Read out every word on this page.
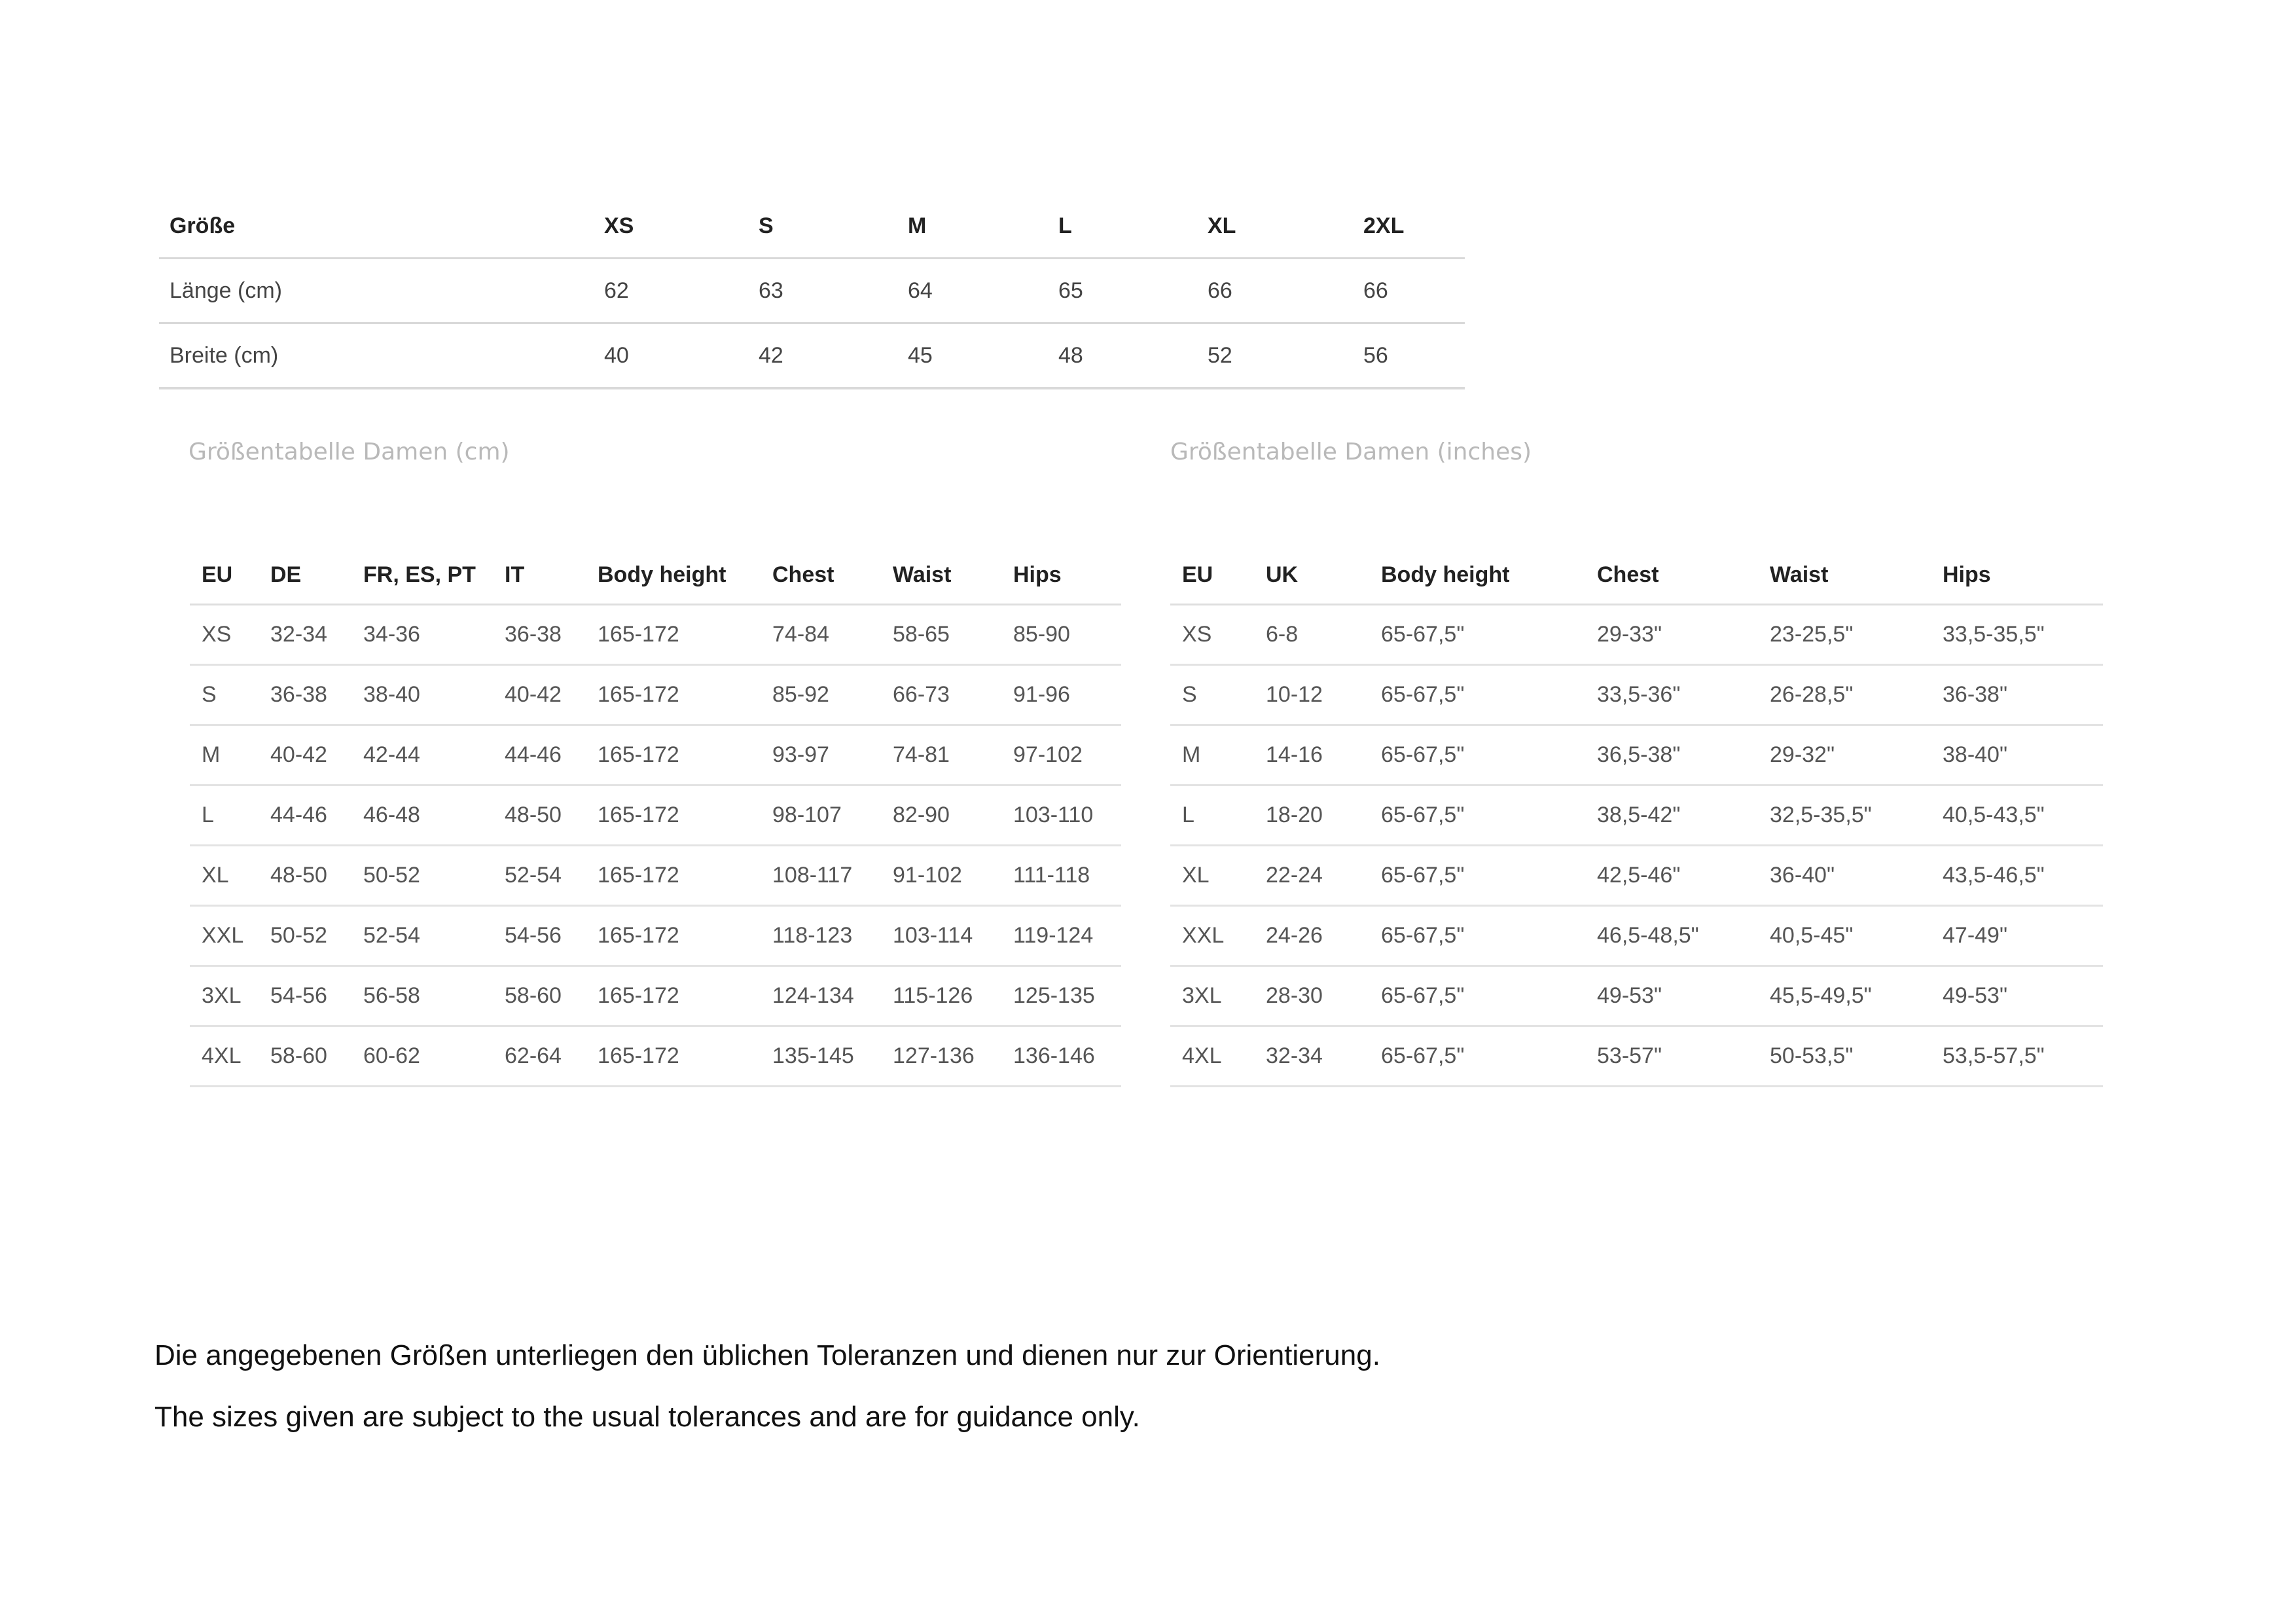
Größe	XS	S	M	L	XL	2XL
Länge (cm)	62	63	64	65	66	66
Breite (cm)	40	42	45	48	52	56
Größentabelle Damen (cm)	Größentabelle Damen (inches)
EU	DE	FR, ES, PT	IT	Body height	Chest	Waist	Hips
XS	32-34	34-36	36-38	165-172	74-84	58-65	85-90
S	36-38	38-40	40-42	165-172	85-92	66-73	91-96
M	40-42	42-44	44-46	165-172	93-97	74-81	97-102
L	44-46	46-48	48-50	165-172	98-107	82-90	103-110
XL	48-50	50-52	52-54	165-172	108-117	91-102	111-118
XXL	50-52	52-54	54-56	165-172	118-123	103-114	119-124
3XL	54-56	56-58	58-60	165-172	124-134	115-126	125-135
4XL	58-60	60-62	62-64	165-172	135-145	127-136	136-146
EU	UK	Body height	Chest	Waist	Hips
XS	6-8	65-67,5"	29-33"	23-25,5"	33,5-35,5"
S	10-12	65-67,5"	33,5-36"	26-28,5"	36-38"
M	14-16	65-67,5"	36,5-38"	29-32"	38-40"
L	18-20	65-67,5"	38,5-42"	32,5-35,5"	40,5-43,5"
XL	22-24	65-67,5"	42,5-46"	36-40"	43,5-46,5"
XXL	24-26	65-67,5"	46,5-48,5"	40,5-45"	47-49"
3XL	28-30	65-67,5"	49-53"	45,5-49,5"	49-53"
4XL	32-34	65-67,5"	53-57"	50-53,5"	53,5-57,5"
Die angegebenen Größen unterliegen den üblichen Toleranzen und dienen nur zur Orientierung.
The sizes given are subject to the usual tolerances and are for guidance only.
